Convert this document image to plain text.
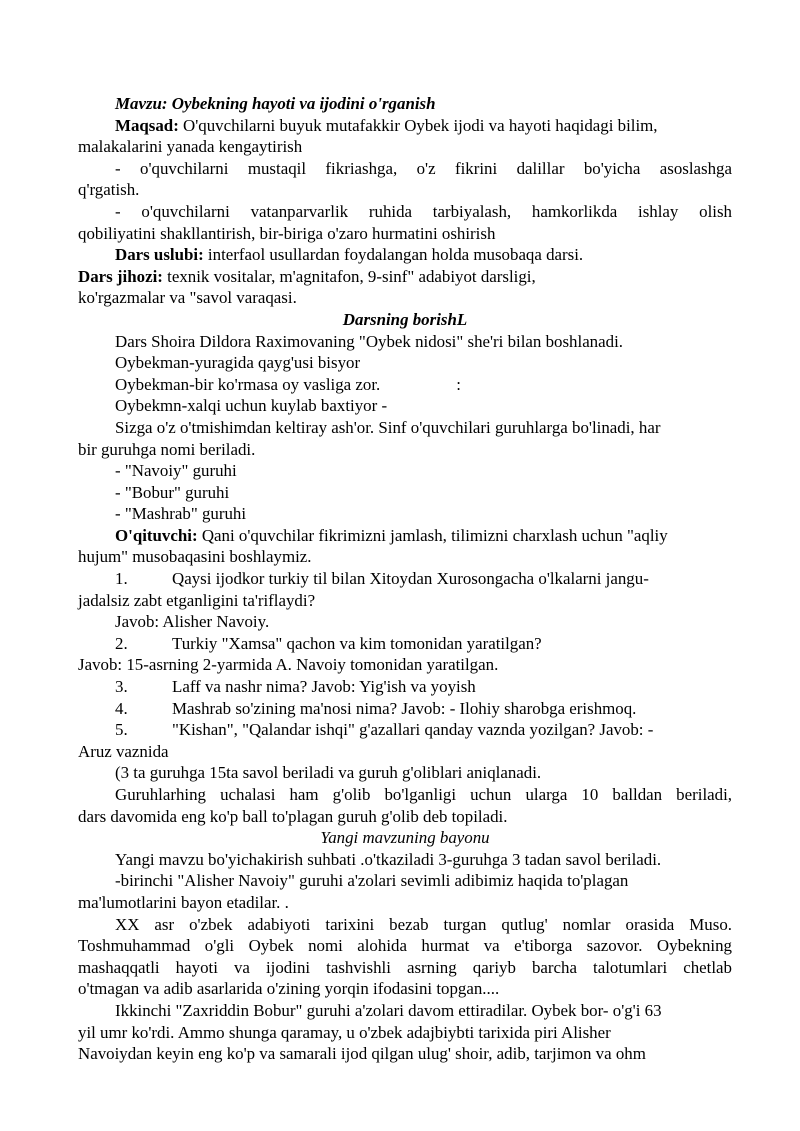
Mavzu: Oybekning hayoti va ijodini o'rganish
Maqsad: O'quvchilarni buyuk mutafakkir Oybek ijodi va hayoti haqidagi bilim,
malakalarini yanada kengaytirish
- o'quvchilarni mustaqil fikriashga, o'z fikrini dalillar bo'yicha asoslashga
q'rgatish.
- o'quvchilarni vatanparvarlik ruhida tarbiyalash, hamkorlikda ishlay olish
qobiliyatini shakllantirish, bir-biriga o'zaro hurmatini oshirish
Dars uslubi: interfaol usullardan foydalangan holda musobaqa darsi.
Dars jihozi: texnik vositalar, m'agnitafon, 9-sinf" adabiyot darsligi,
ko'rgazmalar va "savol varaqasi.
Darsning borishL
Dars Shoira Dildora Raximovaning "Oybek nidosi" she'ri bilan boshlanadi.
Oybekman-yuragida qayg'usi bisyor
Oybekman-bir ko'rmasa oy vasliga zor.	:
Oybekmn-xalqi uchun kuylab baxtiyor -
Sizga o'z o'tmishimdan keltiray ash'or. Sinf o'quvchilari guruhlarga bo'linadi, har
bir guruhga nomi beriladi.
- "Navoiy" guruhi
- "Bobur" guruhi
- "Mashrab" guruhi
O'qituvchi: Qani o'quvchilar fikrimizni jamlash, tilimizni charxlash uchun "aqliy
hujum" musobaqasini boshlaymiz.
1.	Qaysi ijodkor turkiy til bilan Xitoydan Xurosongacha o'lkalarni jangu-
jadalsiz zabt etganligini ta'riflaydi?
Javob: Alisher Navoiy.
2.	Turkiy "Xamsa" qachon va kim tomonidan yaratilgan?
Javob: 15-asrning 2-yarmida A. Navoiy tomonidan yaratilgan.
3.	Laff va nashr nima? Javob: Yig'ish va yoyish
4.	Mashrab so'zining ma'nosi nima? Javob: - Ilohiy sharobga erishmoq.
5.	"Kishan", "Qalandar ishqi" g'azallari qanday vaznda yozilgan? Javob: -
Aruz vaznida
(3 ta guruhga 15ta savol beriladi va guruh g'oliblari aniqlanadi.
Guruhlarhing uchalasi ham g'olib bo'lganligi uchun ularga 10 balldan beriladi,
dars davomida eng ko'p ball to'plagan guruh g'olib deb topiladi.
Yangi mavzuning bayonu
Yangi mavzu bo'yichakirish suhbati .o'tkaziladi 3-guruhga 3 tadan savol beriladi.
-birinchi "Alisher Navoiy" guruhi a'zolari sevimli adibimiz haqida to'plagan
ma'lumotlarini bayon etadilar. .
XX asr o'zbek adabiyoti tarixini bezab turgan qutlug' nomlar orasida Muso.
Toshmuhammad o'gli Oybek nomi alohida hurmat va e'tiborga sazovor. Oybekning
mashaqqatli hayoti va ijodini tashvishli asrning qariyb barcha talotumlari chetlab
o'tmagan va adib asarlarida o'zining yorqin ifodasini topgan....
Ikkinchi "Zaxriddin Bobur" guruhi a'zolari davom ettiradilar. Oybek bor- o'g'i 63
yil umr ko'rdi. Ammo shunga qaramay, u o'zbek adajbiybti tarixida piri Alisher
Navoiydan keyin eng ko'p va samarali ijod qilgan ulug' shoir, adib, tarjimon va ohm
